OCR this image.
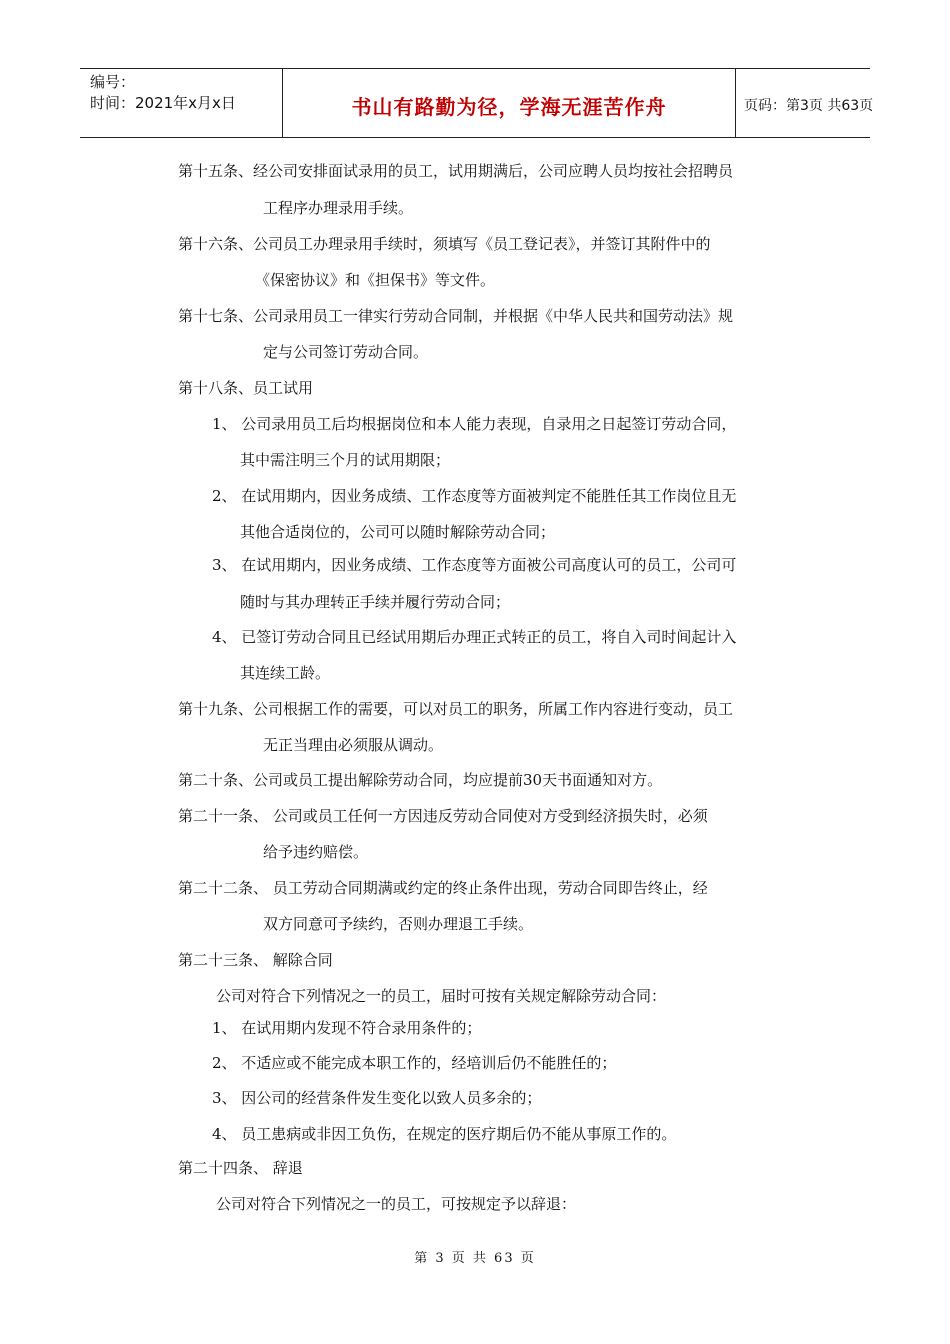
编号：
时间：2021年x月x日	书山有路勤为径，学海无涯苦作舟	页码：第3页 共63页
第十五条、经公司安排面试录用的员工，试用期满后，公司应聘人员均按社会招聘员
工程序办理录用手续。
第十六条、公司员工办理录用手续时，须填写《员工登记表》，并签订其附件中的
《保密协议》和《担保书》等文件。
第十七条、公司录用员工一律实行劳动合同制，并根据《中华人民共和国劳动法》规
定与公司签订劳动合同。
第十八条、员工试用
1、 公司录用员工后均根据岗位和本人能力表现，自录用之日起签订劳动合同，
其中需注明三个月的试用期限；
2、 在试用期内，因业务成绩、工作态度等方面被判定不能胜任其工作岗位且无
其他合适岗位的，公司可以随时解除劳动合同；
3、 在试用期内，因业务成绩、工作态度等方面被公司高度认可的员工，公司可
随时与其办理转正手续并履行劳动合同；
4、 已签订劳动合同且已经试用期后办理正式转正的员工，将自入司时间起计入
其连续工龄。
第十九条、公司根据工作的需要，可以对员工的职务，所属工作内容进行变动，员工
无正当理由必须服从调动。
第二十条、公司或员工提出解除劳动合同，均应提前30天书面通知对方。
第二十一条、 公司或员工任何一方因违反劳动合同使对方受到经济损失时，必须
给予违约赔偿。
第二十二条、 员工劳动合同期满或约定的终止条件出现，劳动合同即告终止，经
双方同意可予续约，否则办理退工手续。
第二十三条、 解除合同
公司对符合下列情况之一的员工，届时可按有关规定解除劳动合同：
1、 在试用期内发现不符合录用条件的；
2、 不适应或不能完成本职工作的，经培训后仍不能胜任的；
3、 因公司的经营条件发生变化以致人员多余的；
4、 员工患病或非因工负伤，在规定的医疗期后仍不能从事原工作的。
第二十四条、 辞退
公司对符合下列情况之一的员工，可按规定予以辞退：
第 3 页 共 63 页
